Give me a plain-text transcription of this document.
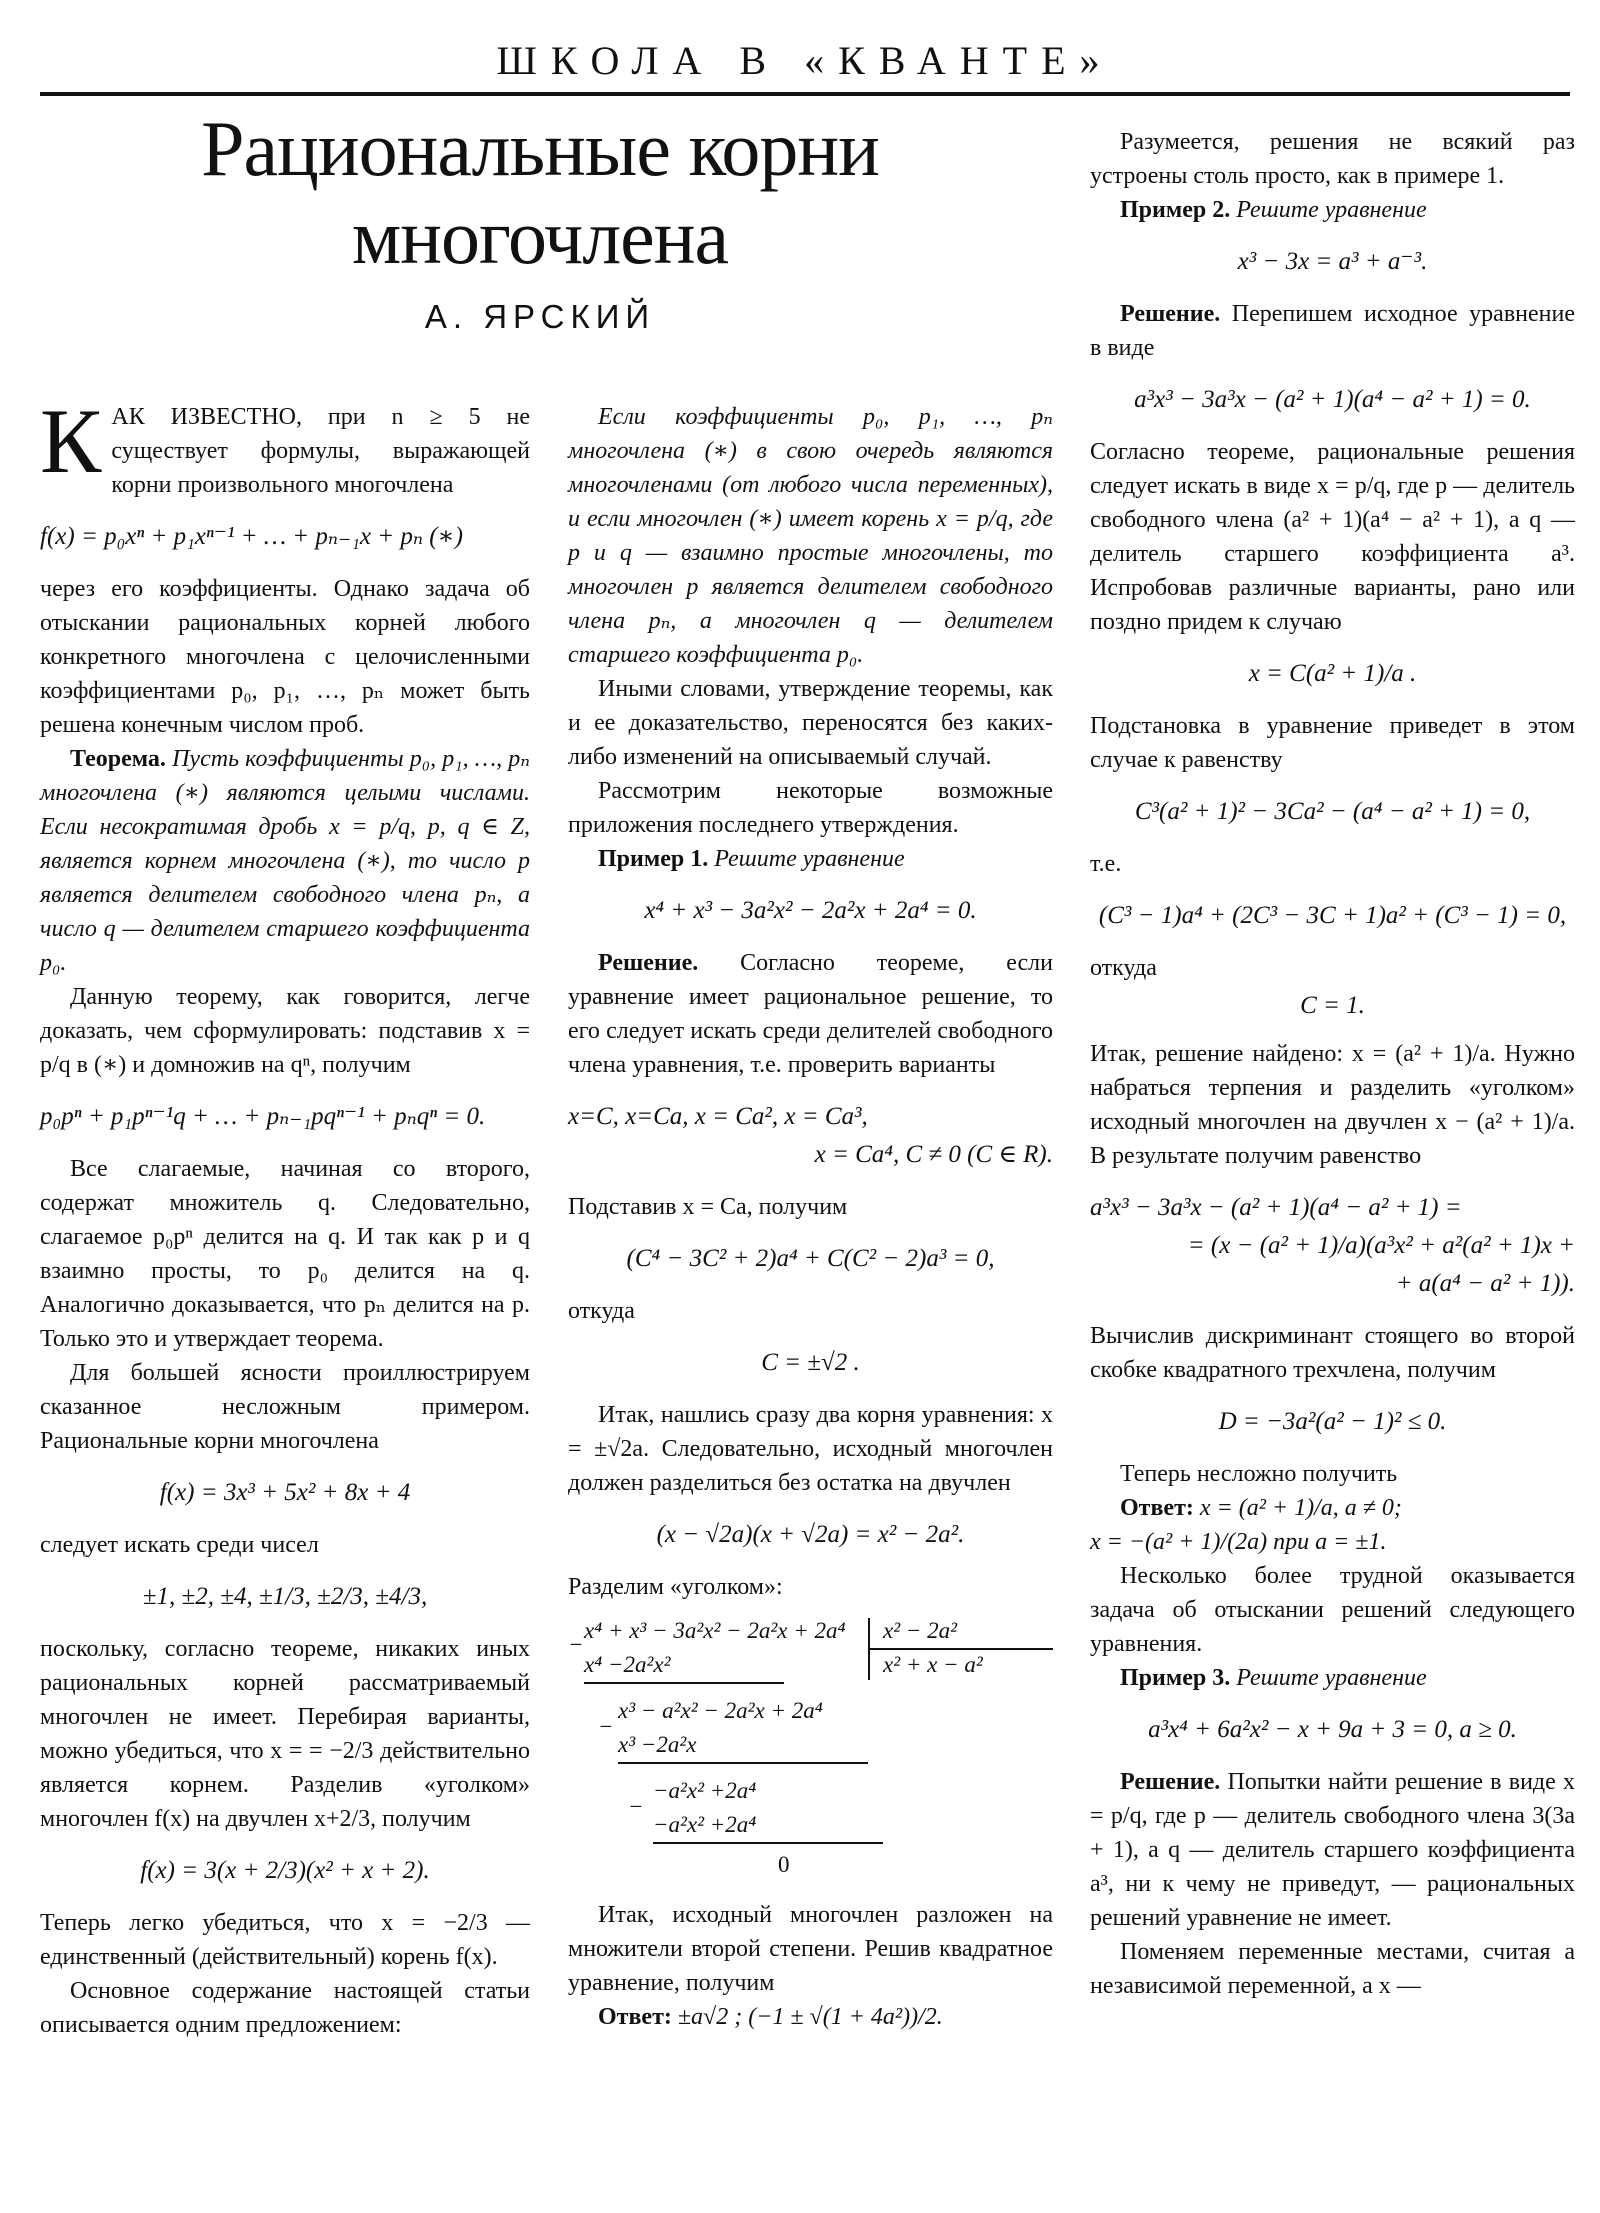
ШКОЛА В «КВАНТЕ»
Рациональные корни
многочлена
А. ЯРСКИЙ

КАК ИЗВЕСТНО, при n ≥ 5 не существует формулы, выражающей корни произвольного многочлена

f(x) = p₀xⁿ + p₁xⁿ⁻¹ + … + pₙ₋₁x + pₙ (∗)

через его коэффициенты. Однако задача об отыскании рациональных корней любого конкретного многочлена с целочисленными коэффициентами p₀, p₁, …, pₙ может быть решена конечным числом проб.

Теорема. Пусть коэффициенты p₀, p₁, …, pₙ многочлена (∗) являются целыми числами. Если несократимая дробь x = p/q, p, q ∈ Z, является корнем многочлена (∗), то число p является делителем свободного члена pₙ, а число q — делителем старшего коэффициента p₀.

Данную теорему, как говорится, легче доказать, чем сформулировать: подставив x = p/q в (∗) и домножив на qⁿ, получим

p₀pⁿ + p₁pⁿ⁻¹q + … + pₙ₋₁pqⁿ⁻¹ + pₙqⁿ = 0.

Все слагаемые, начиная со второго, содержат множитель q. Следовательно, слагаемое p₀pⁿ делится на q. И так как p и q взаимно просты, то p₀ делится на q. Аналогично доказывается, что pₙ делится на p. Только это и утверждает теорема.

Для большей ясности проиллюстрируем сказанное несложным примером. Рациональные корни многочлена

f(x) = 3x³ + 5x² + 8x + 4

следует искать среди чисел

±1, ±2, ±4, ±1/3, ±2/3, ±4/3,

поскольку, согласно теореме, никаких иных рациональных корней рассматриваемый многочлен не имеет. Перебирая варианты, можно убедиться, что x = = −2/3 действительно является корнем. Разделив «уголком» многочлен f(x) на двучлен x+2/3, получим

f(x) = 3(x + 2/3)(x² + x + 2).

Теперь легко убедиться, что x = −2/3 — единственный (действительный) корень f(x).

Основное содержание настоящей статьи описывается одним предложением:

Если коэффициенты p₀, p₁, …, pₙ многочлена (∗) в свою очередь являются многочленами (от любого числа переменных), и если многочлен (∗) имеет корень x = p/q, где p и q — взаимно простые многочлены, то многочлен p является делителем свободного члена pₙ, а многочлен q — делителем старшего коэффициента p₀.

Иными словами, утверждение теоремы, как и ее доказательство, переносятся без каких-либо изменений на описываемый случай.

Рассмотрим некоторые возможные приложения последнего утверждения.

Пример 1. Решите уравнение

x⁴ + x³ − 3a²x² − 2a²x + 2a⁴ = 0.

Решение. Согласно теореме, если уравнение имеет рациональное решение, то его следует искать среди делителей свободного члена уравнения, т.е. проверить варианты

x=C, x=Ca, x = Ca², x = Ca³,

x = Ca⁴, C ≠ 0 (C ∈ R).

Подставив x = Ca, получим

(C⁴ − 3C² + 2)a⁴ + C(C² − 2)a³ = 0,

откуда

C = ±√2 .

Итак, нашлись сразу два корня уравнения: x = ±√2a. Следовательно, исходный многочлен должен разделиться без остатка на двучлен

(x − √2a)(x + √2a) = x² − 2a².

Разделим «уголком»:

−
x⁴ + x³ − 3a²x² − 2a²x + 2a⁴ x² − 2a²
x² + x − a²
x⁴ −2a²x²
−
x³ − a²x² − 2a²x + 2a⁴
x³ −2a²x
−
−a²x² +2a⁴
−a²x² +2a⁴
0

Итак, исходный многочлен разложен на множители второй степени. Решив квадратное уравнение, получим

Ответ: ±a√2 ; (−1 ± √(1 + 4a²))/2.

Разумеется, решения не всякий раз устроены столь просто, как в примере 1.

Пример 2. Решите уравнение

x³ − 3x = a³ + a⁻³.

Решение. Перепишем исходное уравнение в виде

a³x³ − 3a³x − (a² + 1)(a⁴ − a² + 1) = 0.

Согласно теореме, рациональные решения следует искать в виде x = p/q, где p — делитель свободного члена (a² + 1)(a⁴ − a² + 1), а q — делитель старшего коэффициента a³. Испробовав различные варианты, рано или поздно придем к случаю

x = C(a² + 1)/a .

Подстановка в уравнение приведет в этом случае к равенству

C³(a² + 1)² − 3Ca² − (a⁴ − a² + 1) = 0,

т.е.

(C³ − 1)a⁴ + (2C³ − 3C + 1)a² + (C³ − 1) = 0,

откуда

C = 1.

Итак, решение найдено: x = (a² + 1)/a. Нужно набраться терпения и разделить «уголком» исходный многочлен на двучлен x − (a² + 1)/a. В результате получим равенство

a³x³ − 3a³x − (a² + 1)(a⁴ − a² + 1) =

= (x − (a² + 1)/a)(a³x² + a²(a² + 1)x +

+ a(a⁴ − a² + 1)).

Вычислив дискриминант стоящего во второй скобке квадратного трехчлена, получим

D = −3a²(a² − 1)² ≤ 0.

Теперь несложно получить

Ответ: x = (a² + 1)/a, a ≠ 0;

x = −(a² + 1)/(2a) при a = ±1.

Несколько более трудной оказывается задача об отыскании решений следующего уравнения.

Пример 3. Решите уравнение

a³x⁴ + 6a²x² − x + 9a + 3 = 0, a ≥ 0.

Решение. Попытки найти решение в виде x = p/q, где p — делитель свободного члена 3(3a + 1), а q — делитель старшего коэффициента a³, ни к чему не приведут, — рациональных решений уравнение не имеет.

Поменяем переменные местами, считая a независимой переменной, а x —
